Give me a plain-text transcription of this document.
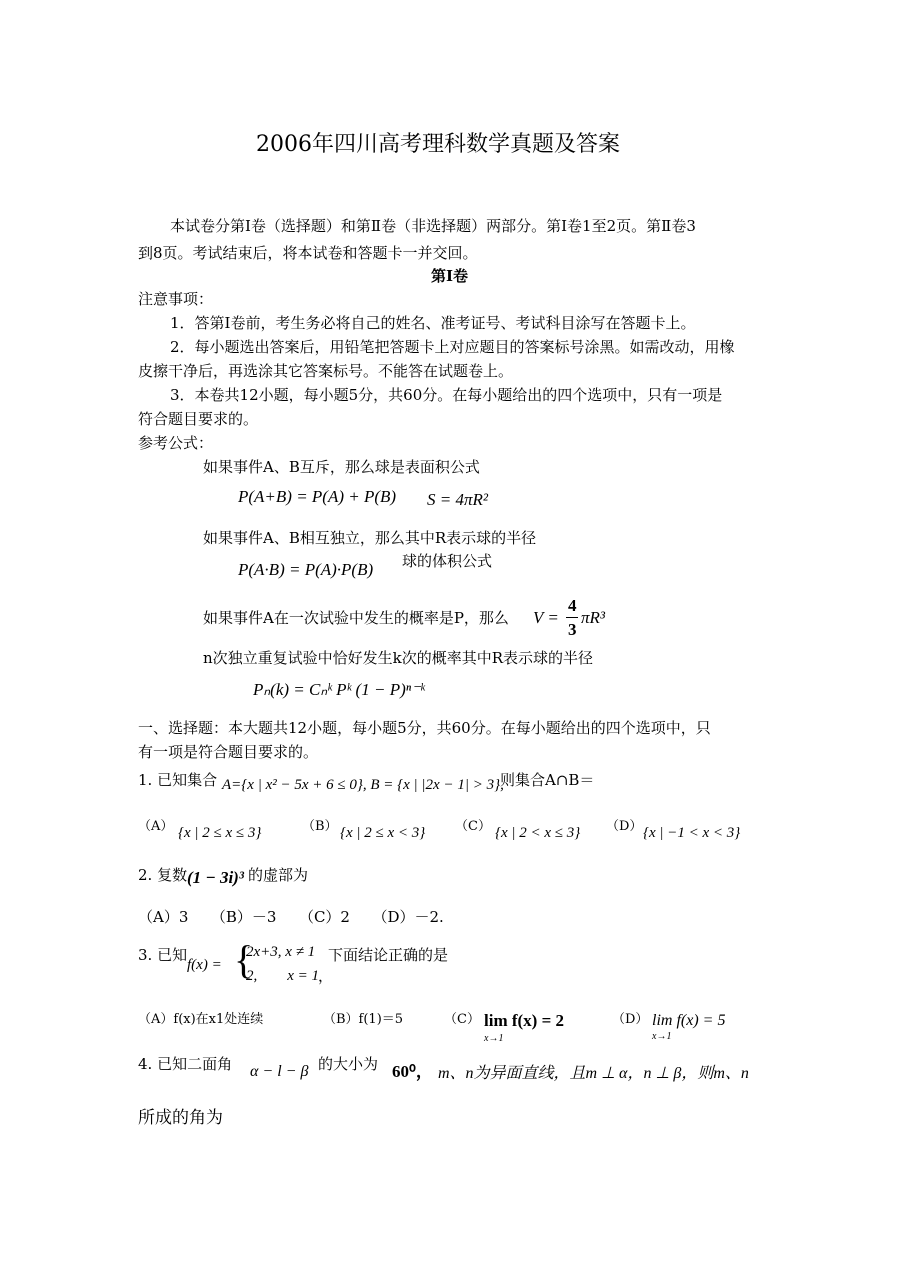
2006年四川高考理科数学真题及答案
本试卷分第Ⅰ卷（选择题）和第Ⅱ卷（非选择题）两部分。第Ⅰ卷1至2页。第Ⅱ卷3
到8页。考试结束后，将本试卷和答题卡一并交回。
第Ⅰ卷
注意事项：
1．答第Ⅰ卷前，考生务必将自己的姓名、准考证号、考试科目涂写在答题卡上。
2．每小题选出答案后，用铅笔把答题卡上对应题目的答案标号涂黑。如需改动，用橡
皮擦干净后，再选涂其它答案标号。不能答在试题卷上。
3．本卷共12小题，每小题5分，共60分。在每小题给出的四个选项中，只有一项是
符合题目要求的。
参考公式：
如果事件A、B互斥，那么球是表面积公式
P(A+B) = P(A) + P(B) S = 4πR²
如果事件A、B相互独立，那么其中R表示球的半径
P(A·B) = P(A)·P(B) 球的体积公式
如果事件A在一次试验中发生的概率是P，那么 V =
4
3
πR³
n次独立重复试验中恰好发生k次的概率其中R表示球的半径
Pₙ(k) = Cₙᵏ Pᵏ (1 − P)ⁿ⁻ᵏ
一、选择题：本大题共12小题，每小题5分，共60分。在每小题给出的四个选项中，只
有一项是符合题目要求的。
1. 已知集合 A={x | x² − 5x + 6 ≤ 0}, B = {x | |2x − 1| > 3},
则集合A∩B＝
（A） {x | 2 ≤ x ≤ 3}	（B） {x | 2 ≤ x < 3} （C） {x | 2 < x ≤ 3} （D） {x | −1 < x < 3}
2. 复数 (1 − 3i)³ 的虚部为
（A）3　　（B）－3　　（C）2　　（D）－2.
3. 已知
f(x) = {
2x+3, x ≠ 1
2,　　x = 1
，
下面结论正确的是
（A）f(x)在x1处连续	（B）f(1)＝5	（C） lim f(x) = 2
x→1
（D） lim f(x) = 5
x→1
4. 已知二面角 α − l − β 的大小为 60⁰， m、n为异面直线，且m ⊥ α，n ⊥ β，则m、n
所成的角为
